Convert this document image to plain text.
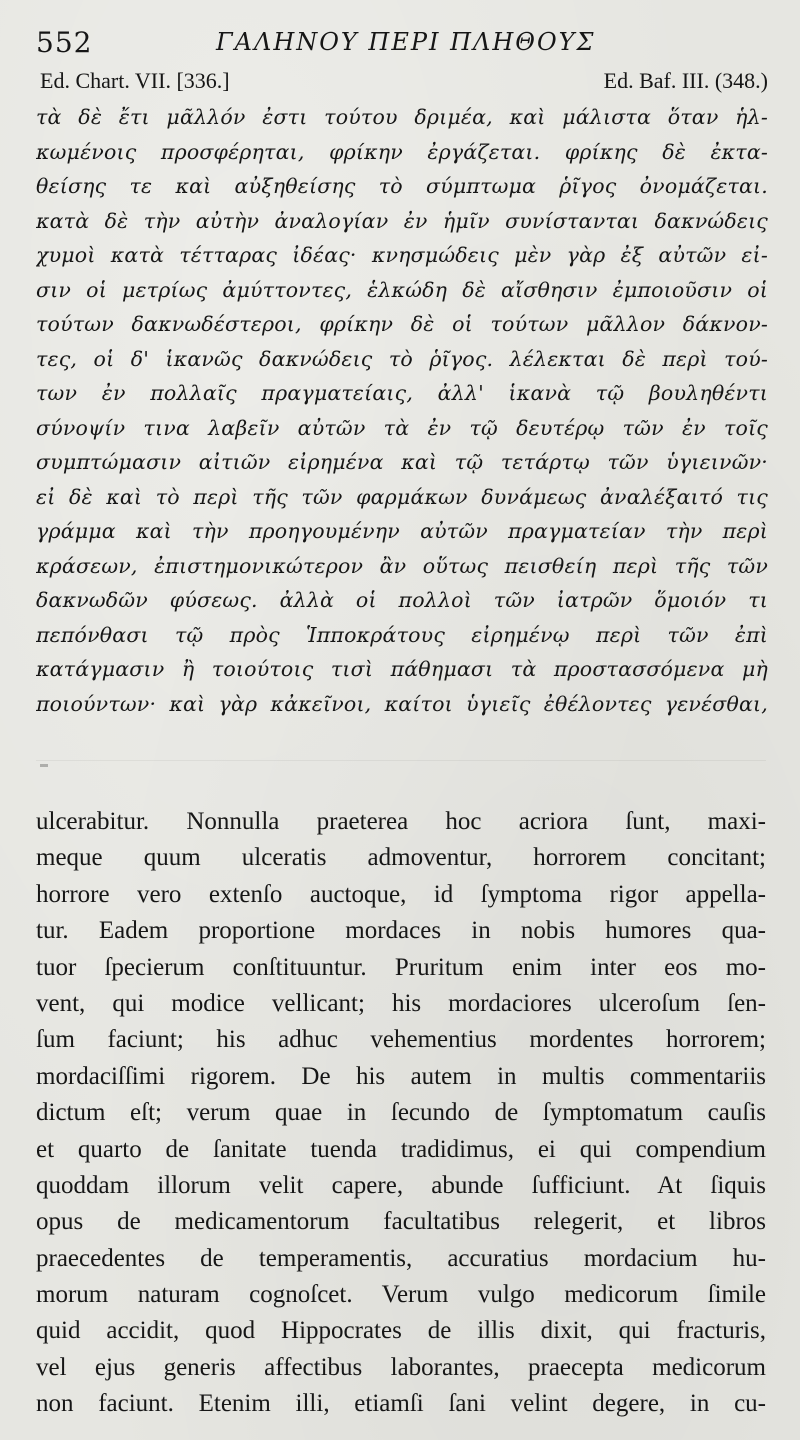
552	ΓΑΛΗΝΟΥ ΠΕΡΙ ΠΛΗΘΟΥΣ
Ed. Chart. VII. [336.]	Ed. Baf. III. (348.)
τὰ δὲ ἔτι μᾶλλόν ἐστι τούτου δριμέα, καὶ μάλιστα ὅταν ἡλ-
κωμένοις προσφέρηται, φρίκην ἐργάζεται. φρίκης δὲ ἐκτα-
θείσης τε καὶ αὐξηθείσης τὸ σύμπτωμα ῥῖγος ὀνομάζεται.
κατὰ δὲ τὴν αὐτὴν ἀναλογίαν ἐν ἡμῖν συνίστανται δακνώδεις
χυμοὶ κατὰ τέτταρας ἰδέας· κνησμώδεις μὲν γὰρ ἐξ αὐτῶν εἰ-
σιν οἱ μετρίως ἀμύττοντες, ἑλκώδη δὲ αἴσθησιν ἐμποιοῦσιν οἱ
τούτων δακνωδέστεροι, φρίκην δὲ οἱ τούτων μᾶλλον δάκνον-
τες, οἱ δ' ἱκανῶς δακνώδεις τὸ ῥῖγος. λέλεκται δὲ περὶ τού-
των ἐν πολλαῖς πραγματείαις, ἀλλ' ἱκανὰ τῷ βουληθέντι
σύνοψίν τινα λαβεῖν αὐτῶν τὰ ἐν τῷ δευτέρῳ τῶν ἐν τοῖς
συμπτώμασιν αἰτιῶν εἰρημένα καὶ τῷ τετάρτῳ τῶν ὑγιεινῶν·
εἰ δὲ καὶ τὸ περὶ τῆς τῶν φαρμάκων δυνάμεως ἀναλέξαιτό τις
γράμμα καὶ τὴν προηγουμένην αὐτῶν πραγματείαν τὴν περὶ
κράσεων, ἐπιστημονικώτερον ἂν οὕτως πεισθείη περὶ τῆς τῶν
δακνωδῶν φύσεως. ἀλλὰ οἱ πολλοὶ τῶν ἰατρῶν ὅμοιόν τι
πεπόνθασι τῷ πρὸς Ἱπποκράτους εἰρημένῳ περὶ τῶν ἐπὶ
κατάγμασιν ἢ τοιούτοις τισὶ πάθημασι τὰ προστασσόμενα μὴ
ποιούντων· καὶ γὰρ κἀκεῖνοι, καίτοι ὑγιεῖς ἐθέλοντες γενέσθαι,
ulcerabitur. Nonnulla praeterea hoc acriora ſunt, maxi-
meque quum ulceratis admoventur, horrorem concitant;
horrore vero extenſo auctoque, id ſymptoma rigor appella-
tur. Eadem proportione mordaces in nobis humores qua-
tuor ſpecierum conſtituuntur. Pruritum enim inter eos mo-
vent, qui modice vellicant; his mordaciores ulceroſum ſen-
ſum faciunt; his adhuc vehementius mordentes horrorem;
mordaciſſimi rigorem. De his autem in multis commentariis
dictum eſt; verum quae in ſecundo de ſymptomatum cauſis
et quarto de ſanitate tuenda tradidimus, ei qui compendium
quoddam illorum velit capere, abunde ſufficiunt. At ſiquis
opus de medicamentorum facultatibus relegerit, et libros
praecedentes de temperamentis, accuratius mordacium hu-
morum naturam cognoſcet. Verum vulgo medicorum ſimile
quid accidit, quod Hippocrates de illis dixit, qui fracturis,
vel ejus generis affectibus laborantes, praecepta medicorum
non faciunt. Etenim illi, etiamſi ſani velint degere, in cu-
